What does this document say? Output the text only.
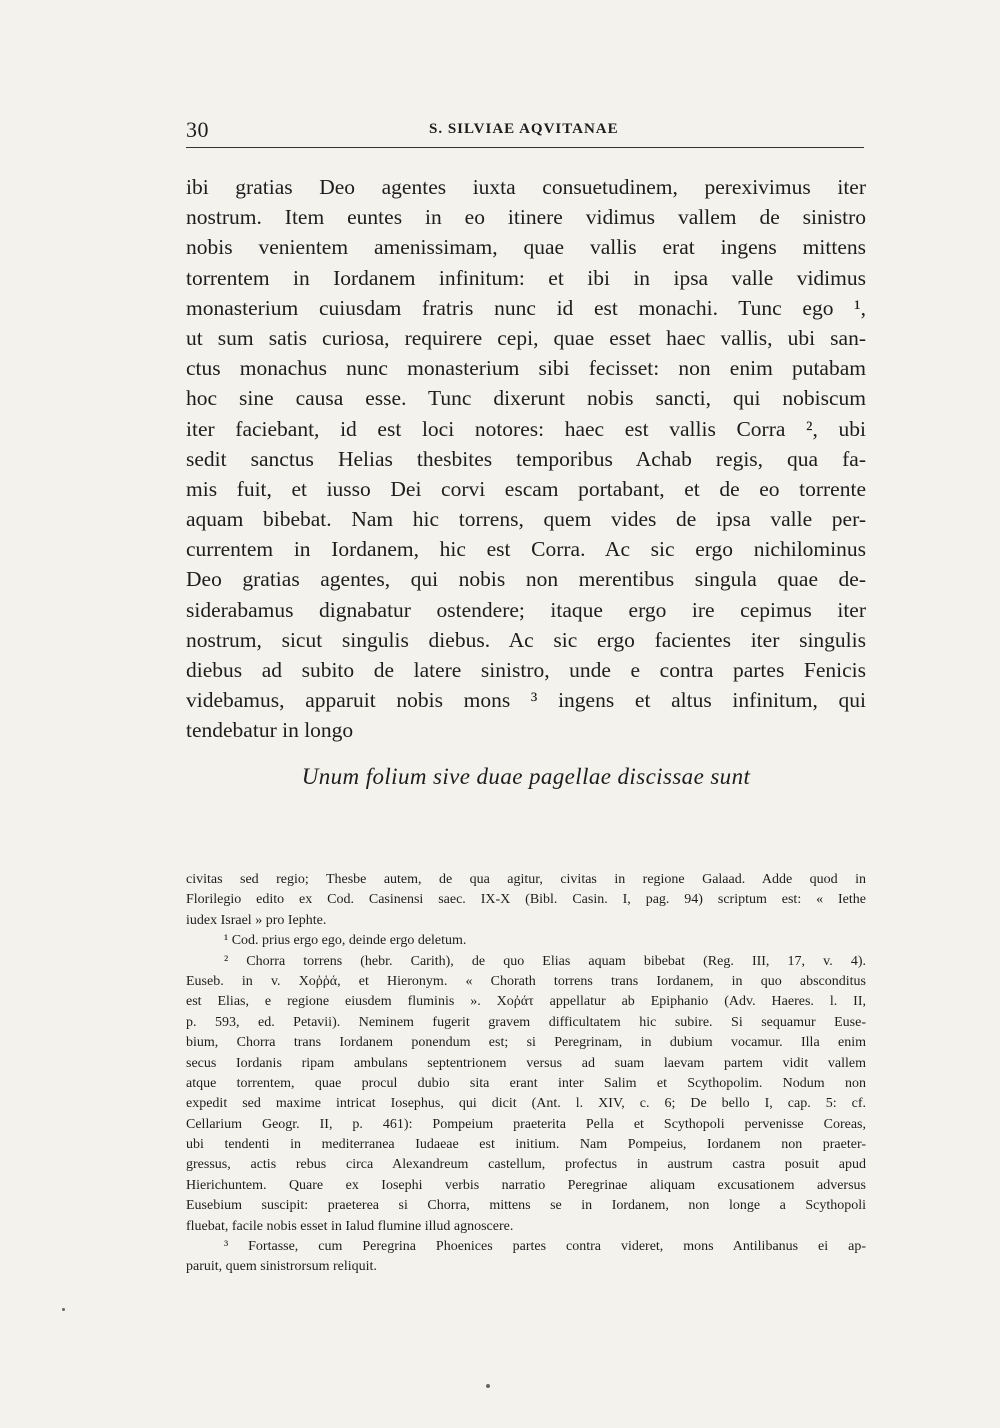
30	S. SILVIAE AQVITANAE
ibi gratias Deo agentes iuxta consuetudinem, perexivimus iter
nostrum. Item euntes in eo itinere vidimus vallem de sinistro
nobis venientem amenissimam, quae vallis erat ingens mittens
torrentem in Iordanem infinitum: et ibi in ipsa valle vidimus
monasterium cuiusdam fratris nunc id est monachi. Tunc ego ¹,
ut sum satis curiosa, requirere cepi, quae esset haec vallis, ubi san-
ctus monachus nunc monasterium sibi fecisset: non enim putabam
hoc sine causa esse. Tunc dixerunt nobis sancti, qui nobiscum
iter faciebant, id est loci notores: haec est vallis Corra ², ubi
sedit sanctus Helias thesbites temporibus Achab regis, qua fa-
mis fuit, et iusso Dei corvi escam portabant, et de eo torrente
aquam bibebat. Nam hic torrens, quem vides de ipsa valle per-
currentem in Iordanem, hic est Corra. Ac sic ergo nichilominus
Deo gratias agentes, qui nobis non merentibus singula quae de-
siderabamus dignabatur ostendere; itaque ergo ire cepimus iter
nostrum, sicut singulis diebus. Ac sic ergo facientes iter singulis
diebus ad subito de latere sinistro, unde e contra partes Fenicis
videbamus, apparuit nobis mons ³ ingens et altus infinitum, qui
tendebatur in longo
Unum folium sive duae pagellae discissae sunt
civitas sed regio; Thesbe autem, de qua agitur, civitas in regione Galaad. Adde quod in
Florilegio edito ex Cod. Casinensi saec. IX-X (Bibl. Casin. I, pag. 94) scriptum est: « Iethe
iudex Israel » pro Iephte.
¹ Cod. prius ergo ego, deinde ergo deletum.
² Chorra torrens (hebr. Carith), de quo Elias aquam bibebat (Reg. III, 17, v. 4).
Euseb. in v. Χοῤῥά, et Hieronym. « Chorath torrens trans Iordanem, in quo absconditus
est Elias, e regione eiusdem fluminis ». Χοῤάτ appellatur ab Epiphanio (Adv. Haeres. l. II,
p. 593, ed. Petavii). Neminem fugerit gravem difficultatem hic subire. Si sequamur Euse-
bium, Chorra trans Iordanem ponendum est; si Peregrinam, in dubium vocamur. Illa enim
secus Iordanis ripam ambulans septentrionem versus ad suam laevam partem vidit vallem
atque torrentem, quae procul dubio sita erant inter Salim et Scythopolim. Nodum non
expedit sed maxime intricat Iosephus, qui dicit (Ant. l. XIV, c. 6; De bello I, cap. 5: cf.
Cellarium Geogr. II, p. 461): Pompeium praeterita Pella et Scythopoli pervenisse Coreas,
ubi tendenti in mediterranea Iudaeae est initium. Nam Pompeius, Iordanem non praeter-
gressus, actis rebus circa Alexandreum castellum, profectus in austrum castra posuit apud
Hierichuntem. Quare ex Iosephi verbis narratio Peregrinae aliquam excusationem adversus
Eusebium suscipit: praeterea si Chorra, mittens se in Iordanem, non longe a Scythopoli
fluebat, facile nobis esset in Ialud flumine illud agnoscere.
³ Fortasse, cum Peregrina Phoenices partes contra videret, mons Antilibanus ei ap-
paruit, quem sinistrorsum reliquit.
